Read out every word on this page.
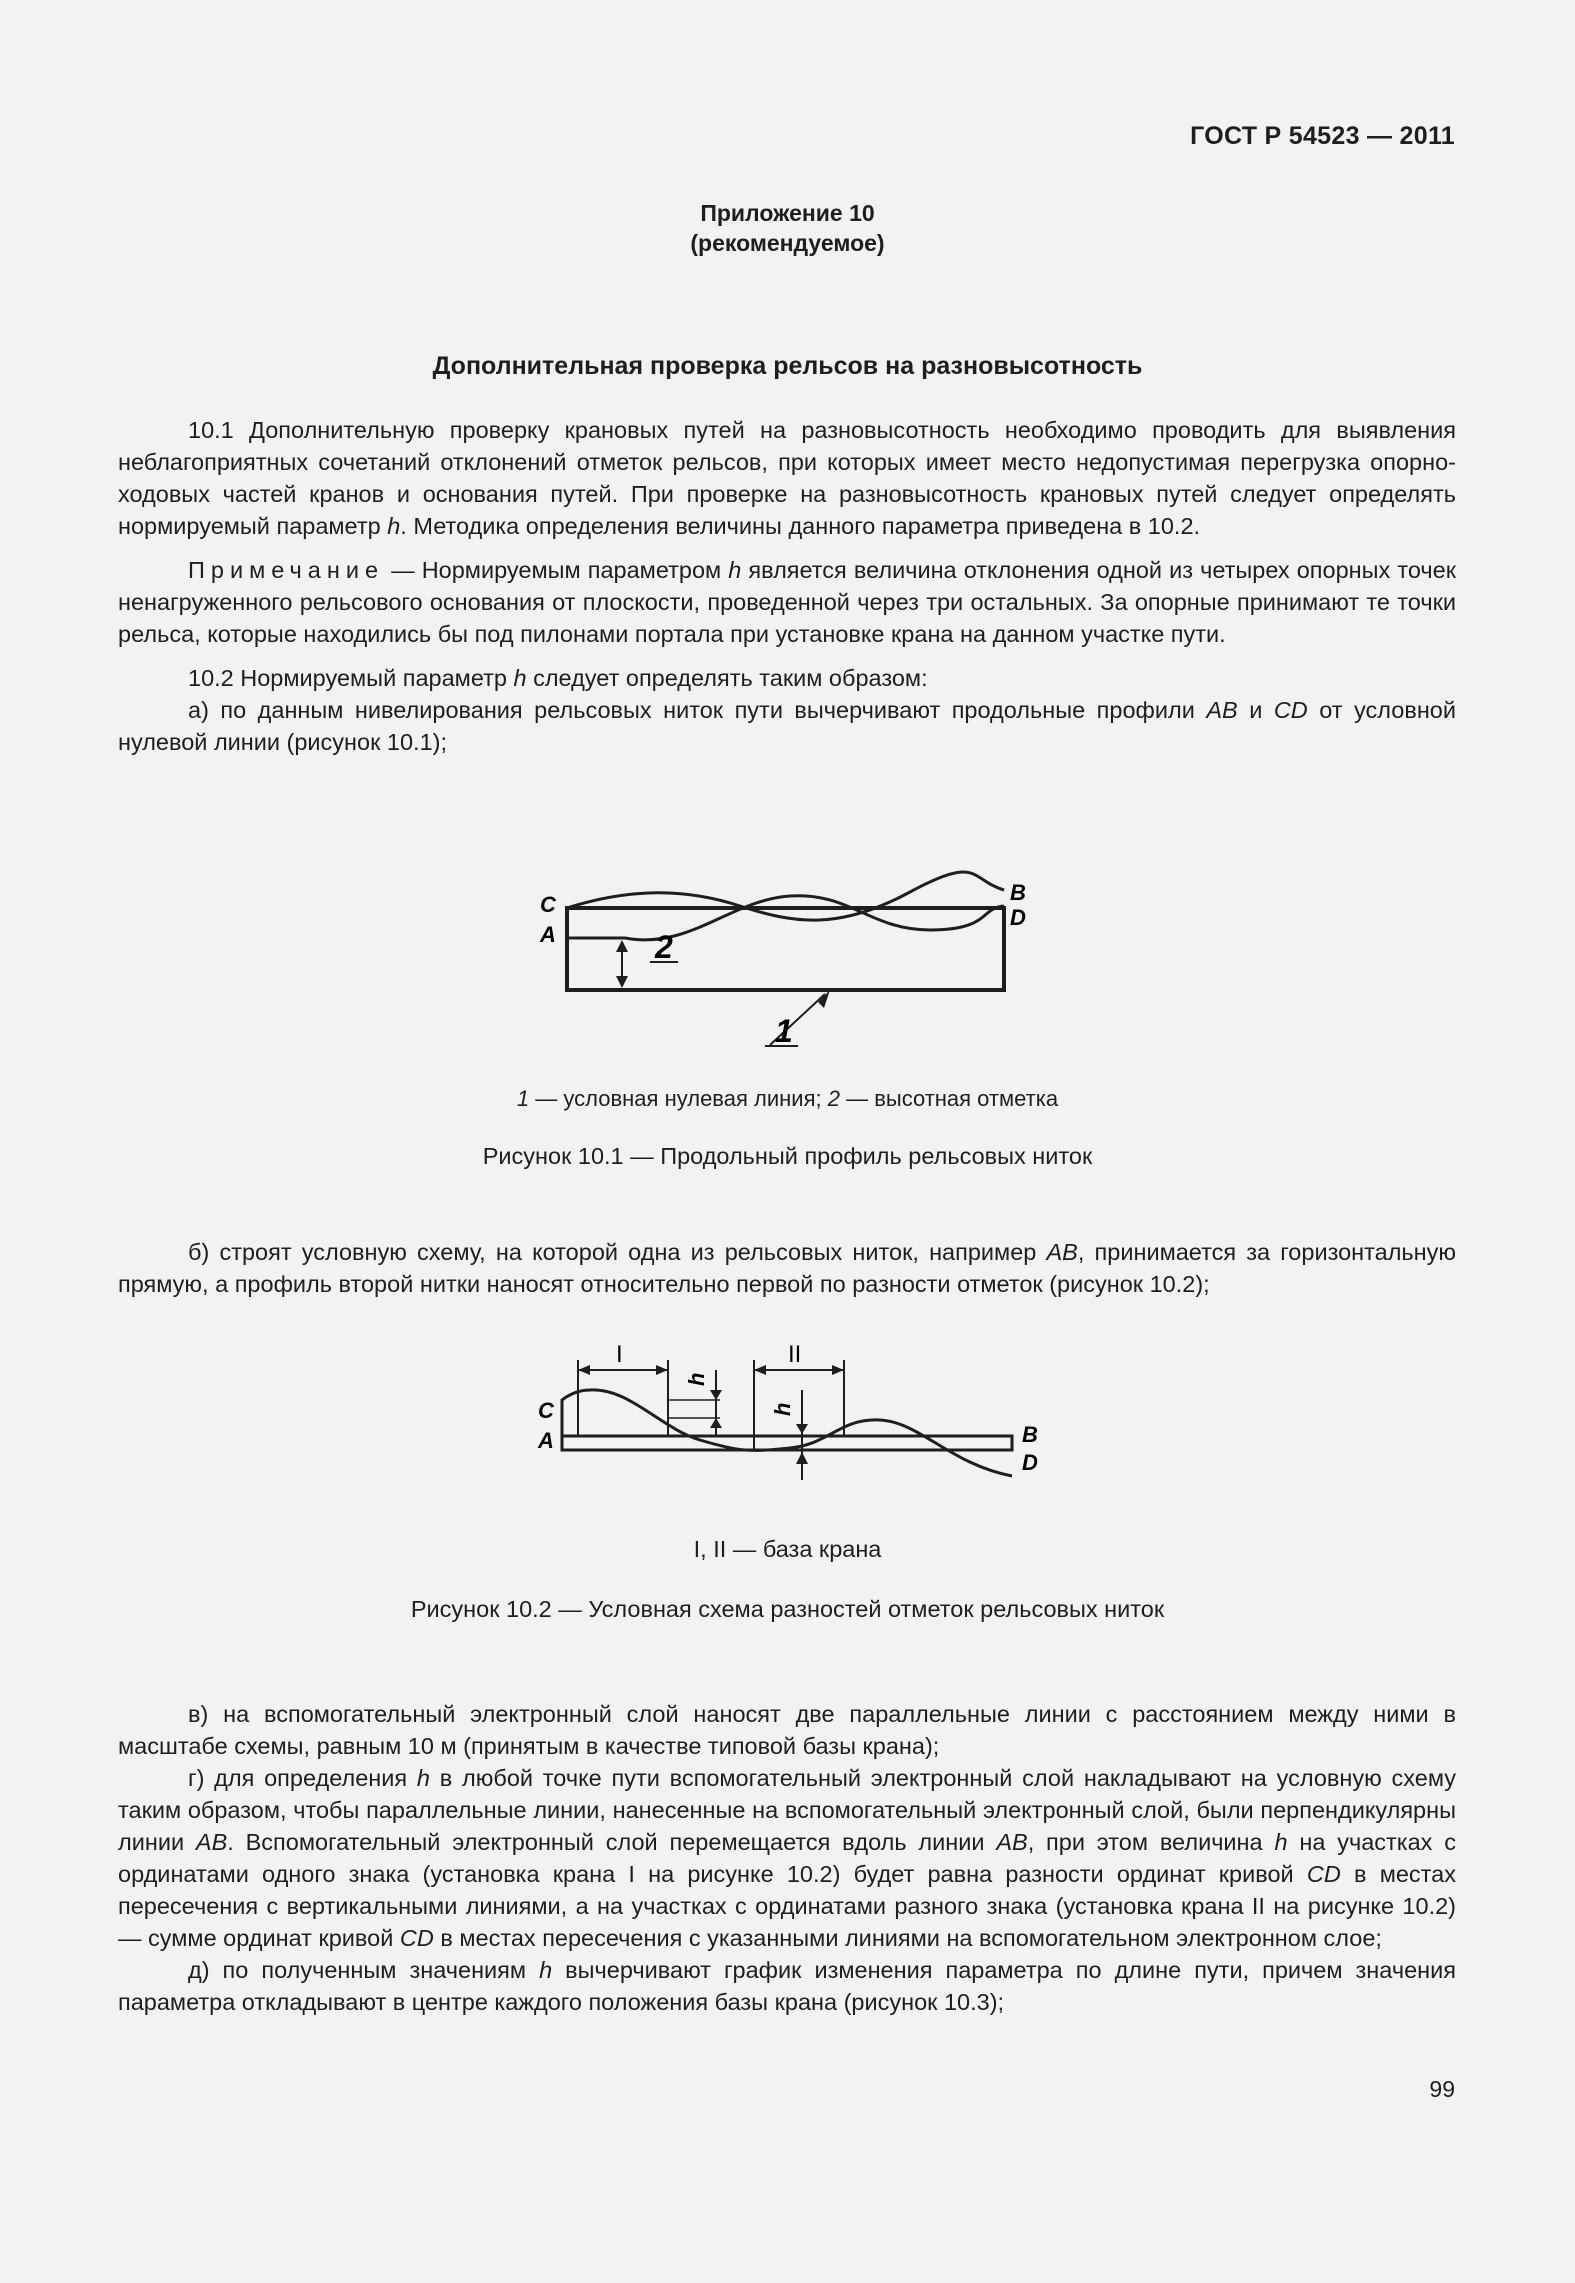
ГОСТ Р 54523 — 2011
Приложение 10
(рекомендуемое)
Дополнительная проверка рельсов на разновысотность

10.1 Дополнительную проверку крановых путей на разновысотность необходимо проводить для выявления неблагоприятных сочетаний отклонений отметок рельсов, при которых имеет место недопустимая перегрузка опорно-ходовых частей кранов и основания путей. При проверке на разновысотность крановых путей следует определять нормируемый параметр h. Методика определения величины данного параметра приведена в 10.2.

Примечание — Нормируемым параметром h является величина отклонения одной из четырех опорных точек ненагруженного рельсового основания от плоскости, проведенной через три остальных. За опорные принимают те точки рельса, которые находились бы под пилонами портала при установке крана на данном участке пути.

10.2 Нормируемый параметр h следует определять таким образом:

а) по данным нивелирования рельсовых ниток пути вычерчивают продольные профили AB и CD от условной нулевой линии (рисунок 10.1);

C
A
B
D
2
1
1 — условная нулевая линия; 2 — высотная отметка
Рисунок 10.1 — Продольный профиль рельсовых ниток

б) строят условную схему, на которой одна из рельсовых ниток, например AB, принимается за горизонтальную прямую, а профиль второй нитки наносят относительно первой по разности отметок (рисунок 10.2);

C
A	B
D
I	II
h
h
I, II — база крана
Рисунок 10.2 — Условная схема разностей отметок рельсовых ниток

в) на вспомогательный электронный слой наносят две параллельные линии с расстоянием между ними в масштабе схемы, равным 10 м (принятым в качестве типовой базы крана);

г) для определения h в любой точке пути вспомогательный электронный слой накладывают на условную схему таким образом, чтобы параллельные линии, нанесенные на вспомогательный электронный слой, были перпендикулярны линии AB. Вспомогательный электронный слой перемещается вдоль линии AB, при этом величина h на участках с ординатами одного знака (установка крана I на рисунке 10.2) будет равна разности ординат кривой CD в местах пересечения с вертикальными линиями, а на участках с ординатами разного знака (установка крана II на рисунке 10.2) — сумме ординат кривой CD в местах пересечения с указанными линиями на вспомогательном электронном слое;

д) по полученным значениям h вычерчивают график изменения параметра по длине пути, причем значения параметра откладывают в центре каждого положения базы крана (рисунок 10.3);

99
